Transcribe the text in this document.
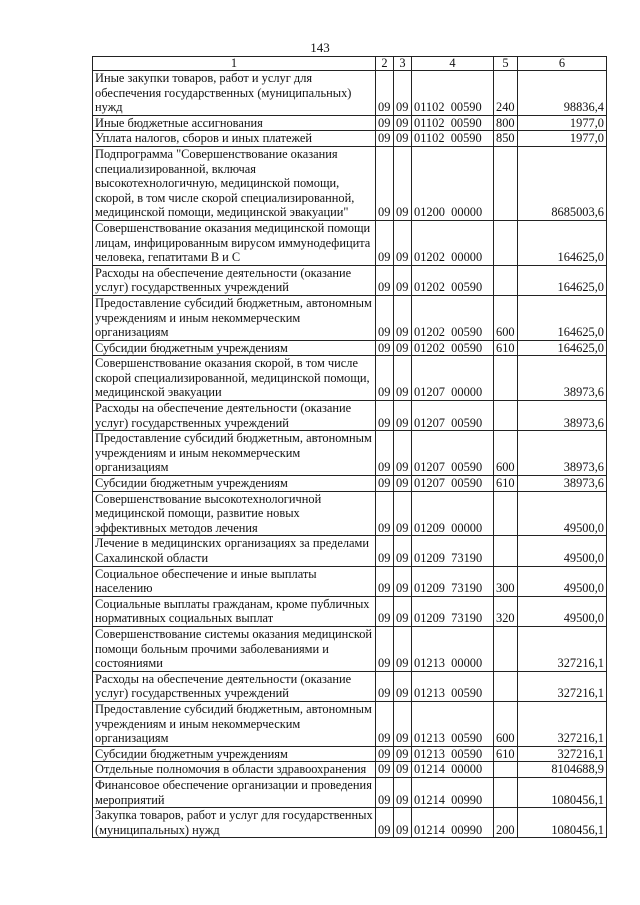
143
1	2	3	4	5	6
Иные закупки товаров, работ и услуг для обеспечения государственных (муниципальных) нужд	09	09	01102  00590	240	98836,4
Иные бюджетные ассигнования	09	09	01102  00590	800	1977,0
Уплата налогов, сборов и иных платежей	09	09	01102  00590	850	1977,0
Подпрограмма "Совершенствование оказания специализированной, включая высокотехнологичную, медицинской помощи, скорой, в том числе скорой специализированной, медицинской помощи, медицинской эвакуации"	09	09	01200  00000		8685003,6
Совершенствование оказания медицинской помощи лицам, инфицированным вирусом иммунодефицита человека, гепатитами В и С	09	09	01202  00000		164625,0
Расходы на обеспечение деятельности (оказание услуг) государственных учреждений	09	09	01202  00590		164625,0
Предоставление субсидий бюджетным, автономным учреждениям и иным некоммерческим организациям	09	09	01202  00590	600	164625,0
Субсидии бюджетным учреждениям	09	09	01202  00590	610	164625,0
Совершенствование оказания скорой, в том числе скорой специализированной, медицинской помощи, медицинской эвакуации	09	09	01207  00000		38973,6
Расходы на обеспечение деятельности (оказание услуг) государственных учреждений	09	09	01207  00590		38973,6
Предоставление субсидий бюджетным, автономным учреждениям и иным некоммерческим организациям	09	09	01207  00590	600	38973,6
Субсидии бюджетным учреждениям	09	09	01207  00590	610	38973,6
Совершенствование высокотехнологичной медицинской помощи, развитие новых эффективных методов лечения	09	09	01209  00000		49500,0
Лечение в медицинских организациях за пределами Сахалинской области	09	09	01209  73190		49500,0
Социальное обеспечение и иные выплаты населению	09	09	01209  73190	300	49500,0
Социальные выплаты гражданам, кроме публичных нормативных социальных выплат	09	09	01209  73190	320	49500,0
Совершенствование системы оказания медицинской помощи больным прочими заболеваниями и состояниями	09	09	01213  00000		327216,1
Расходы на обеспечение деятельности (оказание услуг) государственных учреждений	09	09	01213  00590		327216,1
Предоставление субсидий бюджетным, автономным учреждениям и иным некоммерческим организациям	09	09	01213  00590	600	327216,1
Субсидии бюджетным учреждениям	09	09	01213  00590	610	327216,1
Отдельные полномочия в области здравоохранения	09	09	01214  00000		8104688,9
Финансовое обеспечение организации и проведения мероприятий	09	09	01214  00990		1080456,1
Закупка товаров, работ и услуг для государственных (муниципальных) нужд	09	09	01214  00990	200	1080456,1
